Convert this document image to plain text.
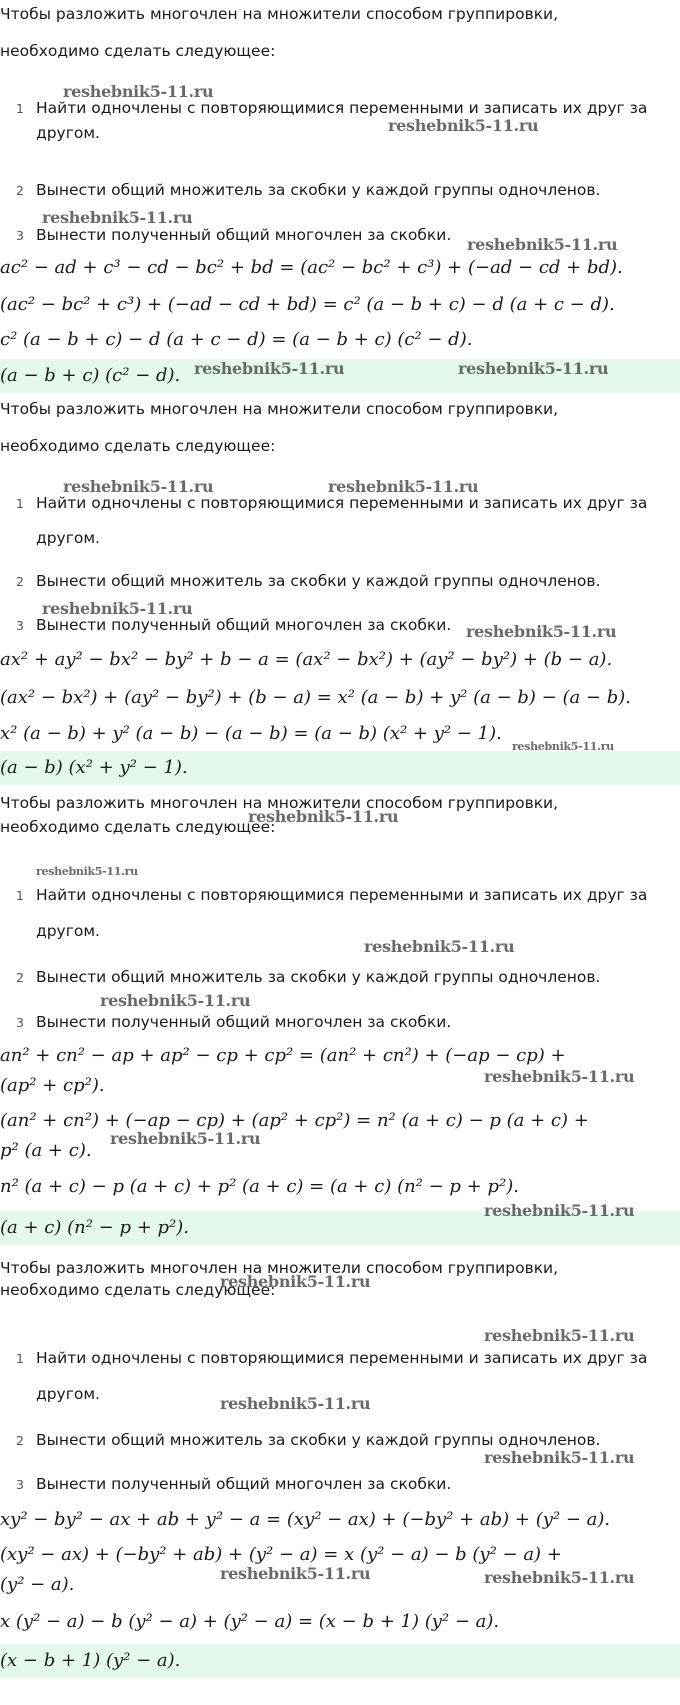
Чтобы разложить многочлен на множители способом группировки,
необходимо сделать следующее:
1 Найти одночлены с повторяющимися переменными и записать их друг за
другом.
2 Вынести общий множитель за скобки у каждой группы одночленов.
3 Вынести полученный общий многочлен за скобки.
ac² − ad + c³ − cd − bc² + bd = (ac² − bc² + c³) + (−ad − cd + bd).
(ac² − bc² + c³) + (−ad − cd + bd) = c² (a − b + c) − d (a + c − d).
c² (a − b + c) − d (a + c − d) = (a − b + c) (c² − d).
(a − b + c) (c² − d).
reshebnik5-11.ru
reshebnik5-11.ru
reshebnik5-11.ru
reshebnik5-11.ru
reshebnik5-11.ru	reshebnik5-11.ru
Чтобы разложить многочлен на множители способом группировки,
необходимо сделать следующее:
1 Найти одночлены с повторяющимися переменными и записать их друг за
другом.
2 Вынести общий множитель за скобки у каждой группы одночленов.
3 Вынести полученный общий многочлен за скобки.
ax² + ay² − bx² − by² + b − a = (ax² − bx²) + (ay² − by²) + (b − a).
(ax² − bx²) + (ay² − by²) + (b − a) = x² (a − b) + y² (a − b) − (a − b).
x² (a − b) + y² (a − b) − (a − b) = (a − b) (x² + y² − 1).
(a − b) (x² + y² − 1).
reshebnik5-11.ru	reshebnik5-11.ru
reshebnik5-11.ru
reshebnik5-11.ru
reshebnik5-11.ru
Чтобы разложить многочлен на множители способом группировки,
необходимо сделать следующее:
1 Найти одночлены с повторяющимися переменными и записать их друг за
другом.
2 Вынести общий множитель за скобки у каждой группы одночленов.
3 Вынести полученный общий многочлен за скобки.
an² + cn² − ap + ap² − cp + cp² = (an² + cn²) + (−ap − cp) +
(ap² + cp²).
(an² + cn²) + (−ap − cp) + (ap² + cp²) = n² (a + c) − p (a + c) +
p² (a + c).
n² (a + c) − p (a + c) + p² (a + c) = (a + c) (n² − p + p²).
(a + c) (n² − p + p²).
reshebnik5-11.ru
reshebnik5-11.ru
reshebnik5-11.ru
reshebnik5-11.ru
reshebnik5-11.ru
reshebnik5-11.ru
reshebnik5-11.ru
Чтобы разложить многочлен на множители способом группировки,
необходимо сделать следующее:
1 Найти одночлены с повторяющимися переменными и записать их друг за
другом.
2 Вынести общий множитель за скобки у каждой группы одночленов.
3 Вынести полученный общий многочлен за скобки.
xy² − by² − ax + ab + y² − a = (xy² − ax) + (−by² + ab) + (y² − a).
(xy² − ax) + (−by² + ab) + (y² − a) = x (y² − a) − b (y² − a) +
(y² − a).
x (y² − a) − b (y² − a) + (y² − a) = (x − b + 1) (y² − a).
(x − b + 1) (y² − a).
reshebnik5-11.ru
reshebnik5-11.ru
reshebnik5-11.ru
reshebnik5-11.ru
reshebnik5-11.ru	reshebnik5-11.ru
